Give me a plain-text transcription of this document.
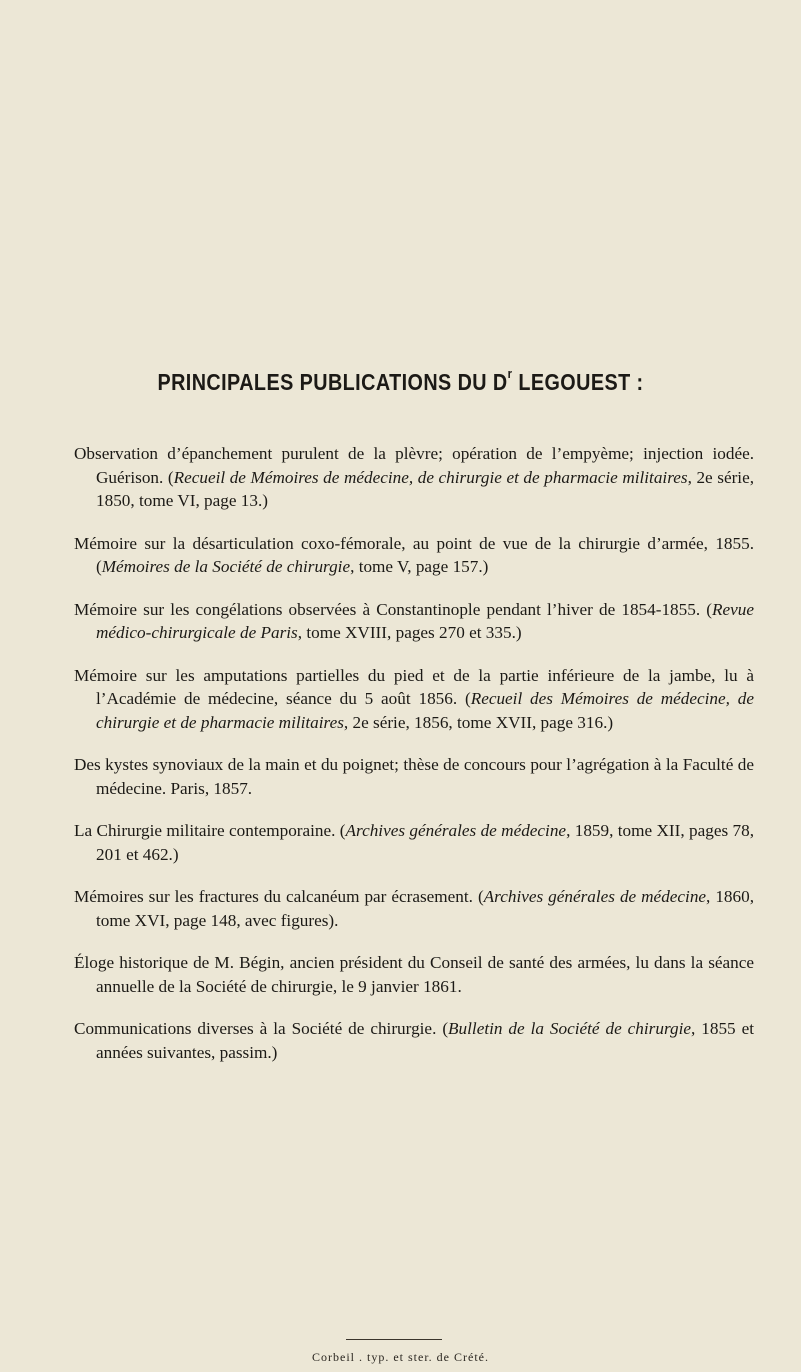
PRINCIPALES PUBLICATIONS DU $D^r$ LEGOUEST :

Observation d’épanchement purulent de la plèvre; opération de l’empyème; injection iodée. Guérison. (Recueil de Mémoires de médecine, de chirurgie et de pharmacie militaires, 2e série, 1850, tome VI, page 13.)

Mémoire sur la désarticulation coxo-fémorale, au point de vue de la chirurgie d’armée, 1855. (Mémoires de la Société de chirurgie, tome V, page 157.)

Mémoire sur les congélations observées à Constantinople pendant l’hiver de 1854-1855. (Revue médico-chirurgicale de Paris, tome XVIII, pages 270 et 335.)

Mémoire sur les amputations partielles du pied et de la partie inférieure de la jambe, lu à l’Académie de médecine, séance du 5 août 1856. (Recueil des Mémoires de médecine, de chirurgie et de pharmacie militaires, 2e série, 1856, tome XVII, page 316.)

Des kystes synoviaux de la main et du poignet; thèse de concours pour l’agrégation à la Faculté de médecine. Paris, 1857.

La Chirurgie militaire contemporaine. (Archives générales de médecine, 1859, tome XII, pages 78, 201 et 462.)

Mémoires sur les fractures du calcanéum par écrasement. (Archives générales de médecine, 1860, tome XVI, page 148, avec figures).

Éloge historique de M. Bégin, ancien président du Conseil de santé des armées, lu dans la séance annuelle de la Société de chirurgie, le 9 janvier 1861.

Communications diverses à la Société de chirurgie. (Bulletin de la Société de chirurgie, 1855 et années suivantes, passim.)

Corbeil . typ. et ster. de Crété.
